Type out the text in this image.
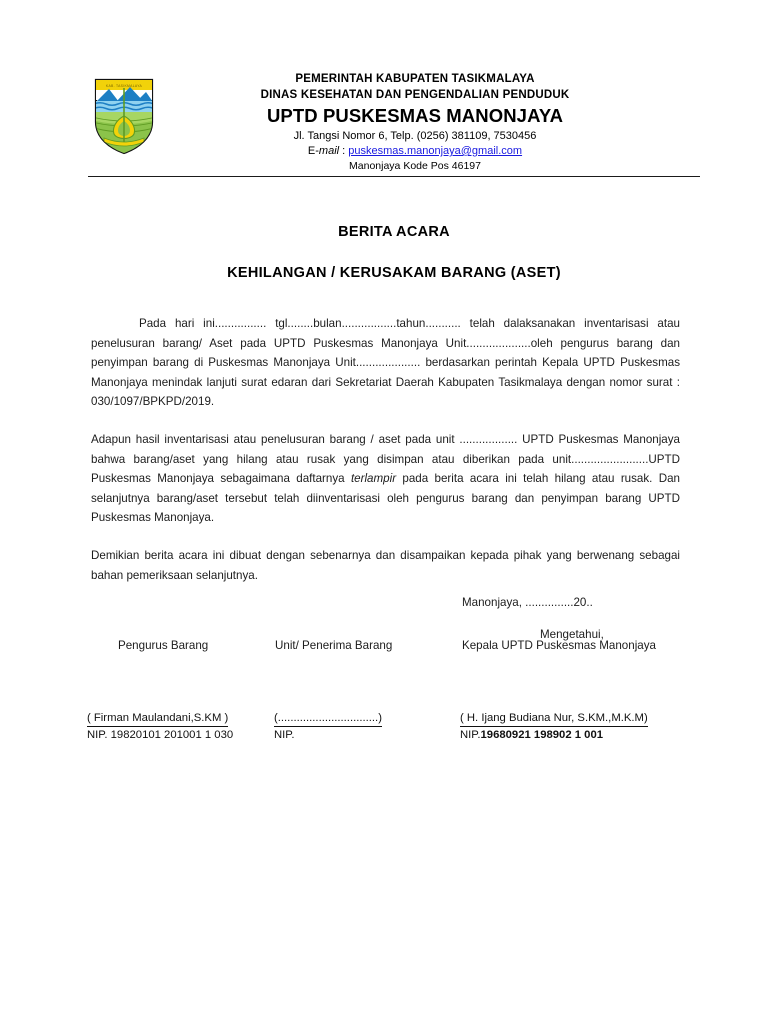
KAB. TASIKMALAYA
PEMERINTAH KABUPATEN TASIKMALAYA
DINAS KESEHATAN DAN PENGENDALIAN PENDUDUK
UPTD PUSKESMAS MANONJAYA
Jl. Tangsi Nomor 6, Telp. (0256) 381109, 7530456
E-mail : puskesmas.manonjaya@gmail.com
Manonjaya Kode Pos 46197
BERITA ACARA
KEHILANGAN / KERUSAKAM BARANG (ASET)

Pada hari ini................ tgl........bulan.................tahun........... telah dalaksanakan inventarisasi atau penelusuran barang/ Aset pada UPTD Puskesmas Manonjaya Unit....................oleh pengurus barang dan penyimpan barang di Puskesmas Manonjaya Unit.................... berdasarkan perintah Kepala UPTD Puskesmas Manonjaya menindak lanjuti surat edaran dari Sekretariat Daerah Kabupaten Tasikmalaya dengan nomor surat : 030/1097/BPKPD/2019.

Adapun hasil inventarisasi atau penelusuran barang / aset pada unit .................. UPTD Puskesmas Manonjaya bahwa barang/aset yang hilang atau rusak yang disimpan atau diberikan pada unit........................UPTD Puskesmas Manonjaya sebagaimana daftarnya terlampir pada berita acara ini telah hilang atau rusak. Dan selanjutnya barang/aset tersebut telah diinventarisasi oleh pengurus barang dan penyimpan barang UPTD Puskesmas Manonjaya.

Demikian berita acara ini dibuat dengan sebenarnya dan disampaikan kepada pihak yang berwenang sebagai bahan pemeriksaan selanjutnya.

Manonjaya, ...............20..
Mengetahui,
Pengurus Barang	Unit/ Penerima Barang	Kepala UPTD Puskesmas Manonjaya
( Firman Maulandani,S.KM )
NIP. 19820101 201001 1 030
(................................)
NIP.
( H. Ijang Budiana Nur, S.KM.,M.K.M)
NIP.19680921 198902 1 001
